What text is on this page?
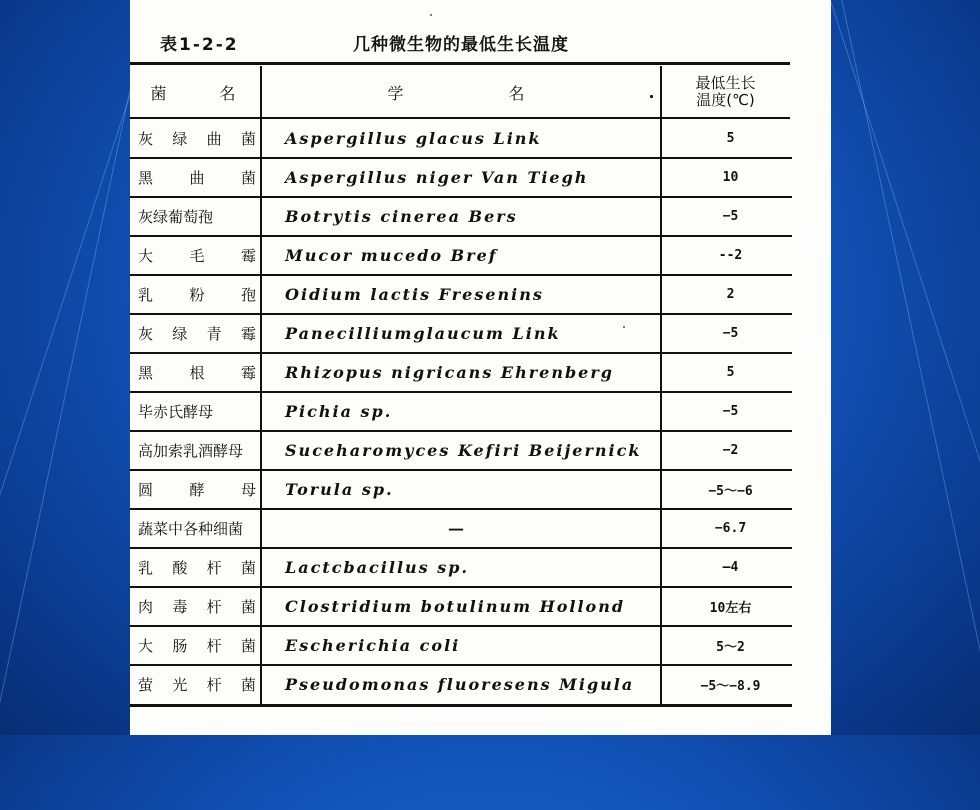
表1-2-2	几种微生物的最低生长温度
菌 名	学 名
最低生长
温度(℃)
灰 绿 曲 菌 Aspergillus glacus Link	5
黑 曲 菌 Aspergillus niger Van Tiegh	10
灰绿葡萄孢	Botrytis cinerea Bers	−5
大 毛 霉 Mucor mucedo Bref	--2
乳 粉 孢 Oidium lactis Fresenins	2
灰 绿 青 霉 Panecilliumglaucum Link	−5
黑 根 霉 Rhizopus nigricans Ehrenberg	5
毕赤氏酵母	Pichia sp.	−5
高加索乳酒酵母	Suceharomyces Kefiri Beijernick	−2
圆 酵 母 Torula sp.	−5～−6
蔬菜中各种细菌	—	−6.7
乳 酸 杆 菌 Lactcbacillus sp.	—4
肉 毒 杆 菌 Clostridium botulinum Hollond	10左右
大 肠 杆 菌 Escherichia coli	5～2
萤 光 杆 菌 Pseudomonas fluoresens Migula	−5～−8.9
